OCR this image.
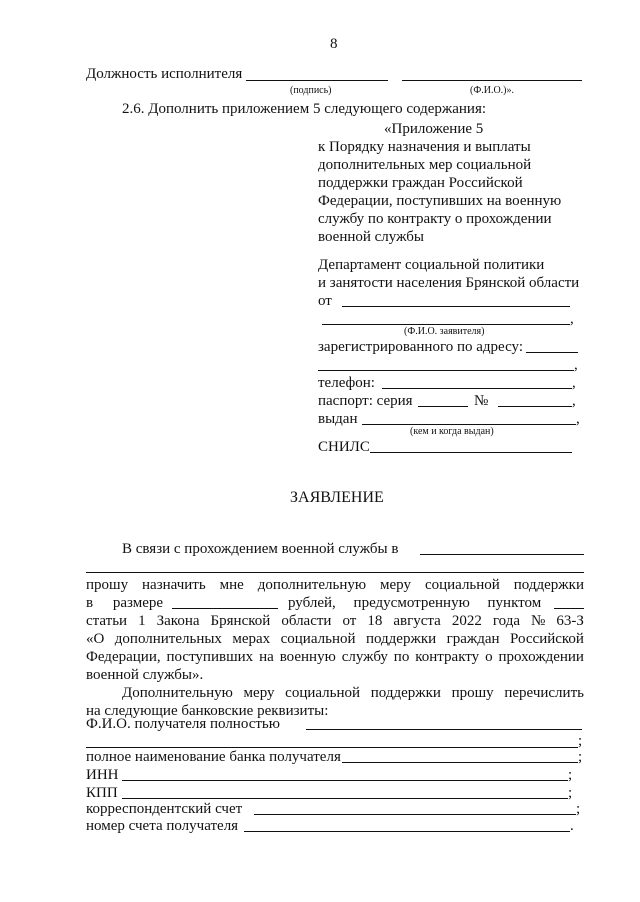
8
Должность исполнителя
(подпись)	(Ф.И.О.)».
2.6. Дополнить приложением 5 следующего содержания:
«Приложение 5
к Порядку назначения и выплаты
дополнительных мер социальной
поддержки граждан Российской
Федерации, поступивших на военную
службу по контракту о прохождении
военной службы
Департамент социальной политики
и занятости населения Брянской области
от
,
(Ф.И.О. заявителя)
зарегистрированного по адресу:
,
телефон:	,
паспорт: серия	№	,
выдан	,
(кем и когда выдан)
СНИЛС
ЗАЯВЛЕНИЕ
В связи с прохождением военной службы в
прошу назначить мне дополнительную меру социальной поддержки
в размере	рублей, предусмотренную пунктом
статьи 1 Закона Брянской области от 18 августа 2022 года № 63-З
«О дополнительных мерах социальной поддержки граждан Российской
Федерации, поступивших на военную службу по контракту о прохождении
военной службы».
Дополнительную меру социальной поддержки прошу перечислить
на следующие банковские реквизиты:
Ф.И.О. получателя полностью
;
полное наименование банка получателя	;
ИНН	;
КПП	;
корреспондентский счет	;
номер счета получателя	.
